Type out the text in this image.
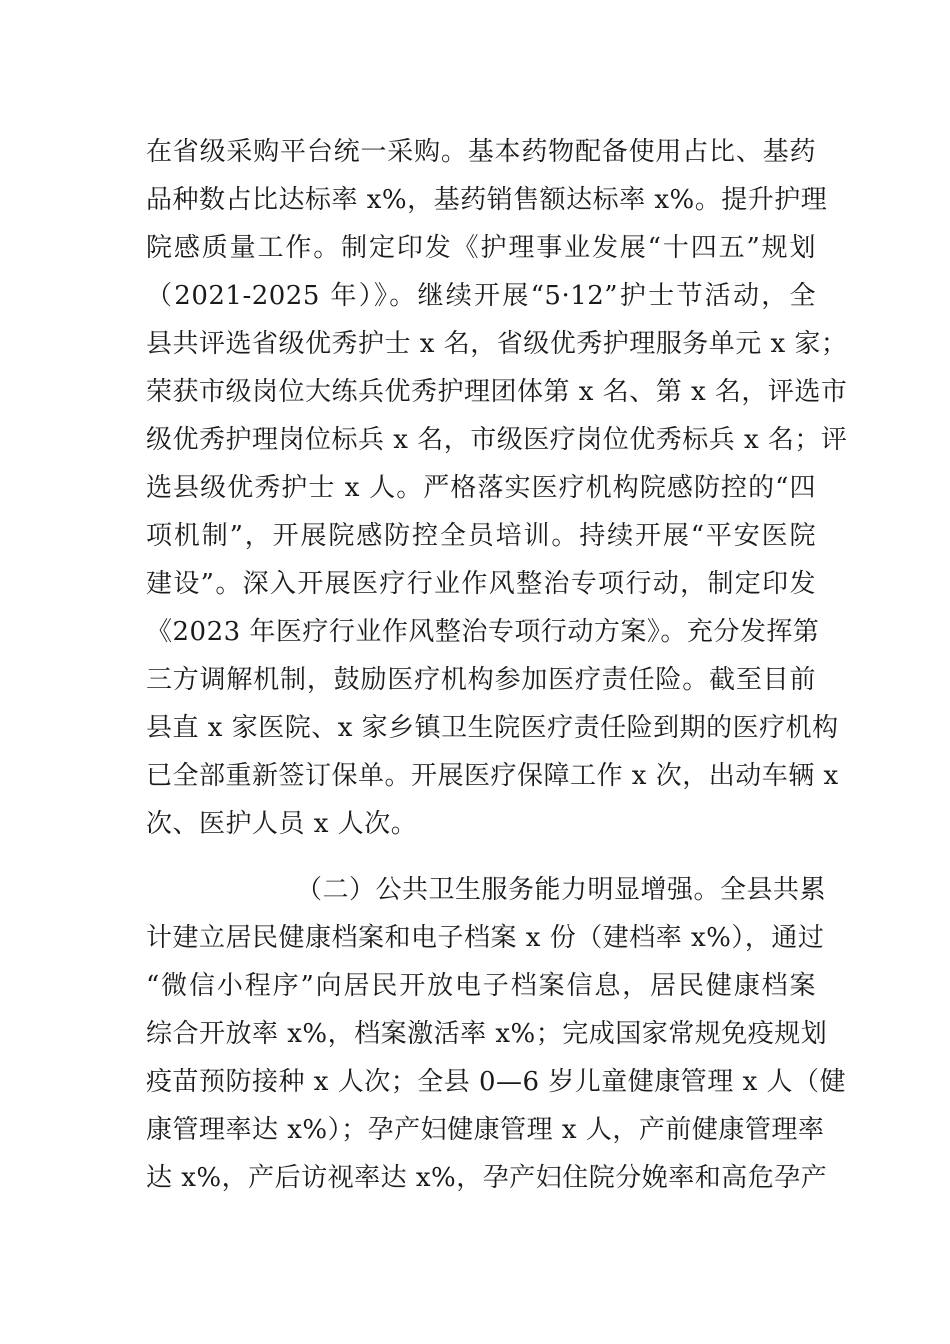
在省级采购平台统一采购。基本药物配备使用占比、基药
品种数占比达标率 x%，基药销售额达标率 x%。提升护理
院感质量工作。制定印发《护理事业发展“十四五”规划
（2021-2025 年）》。继续开展“5·12”护士节活动，全
县共评选省级优秀护士 x 名，省级优秀护理服务单元 x 家；
荣获市级岗位大练兵优秀护理团体第 x 名、第 x 名，评选市
级优秀护理岗位标兵 x 名，市级医疗岗位优秀标兵 x 名；评
选县级优秀护士 x 人。严格落实医疗机构院感防控的“四
项机制”，开展院感防控全员培训。持续开展“平安医院
建设”。深入开展医疗行业作风整治专项行动，制定印发
《2023 年医疗行业作风整治专项行动方案》。充分发挥第
三方调解机制，鼓励医疗机构参加医疗责任险。截至目前
县直 x 家医院、x 家乡镇卫生院医疗责任险到期的医疗机构
已全部重新签订保单。开展医疗保障工作 x 次，出动车辆 x
次、医护人员 x 人次。
（二）公共卫生服务能力明显增强。全县共累
计建立居民健康档案和电子档案 x 份（建档率 x%），通过
“微信小程序”向居民开放电子档案信息，居民健康档案
综合开放率 x%，档案激活率 x%；完成国家常规免疫规划
疫苗预防接种 x 人次；全县 0—6 岁儿童健康管理 x 人（健
康管理率达 x%）；孕产妇健康管理 x 人，产前健康管理率
达 x%，产后访视率达 x%，孕产妇住院分娩率和高危孕产
